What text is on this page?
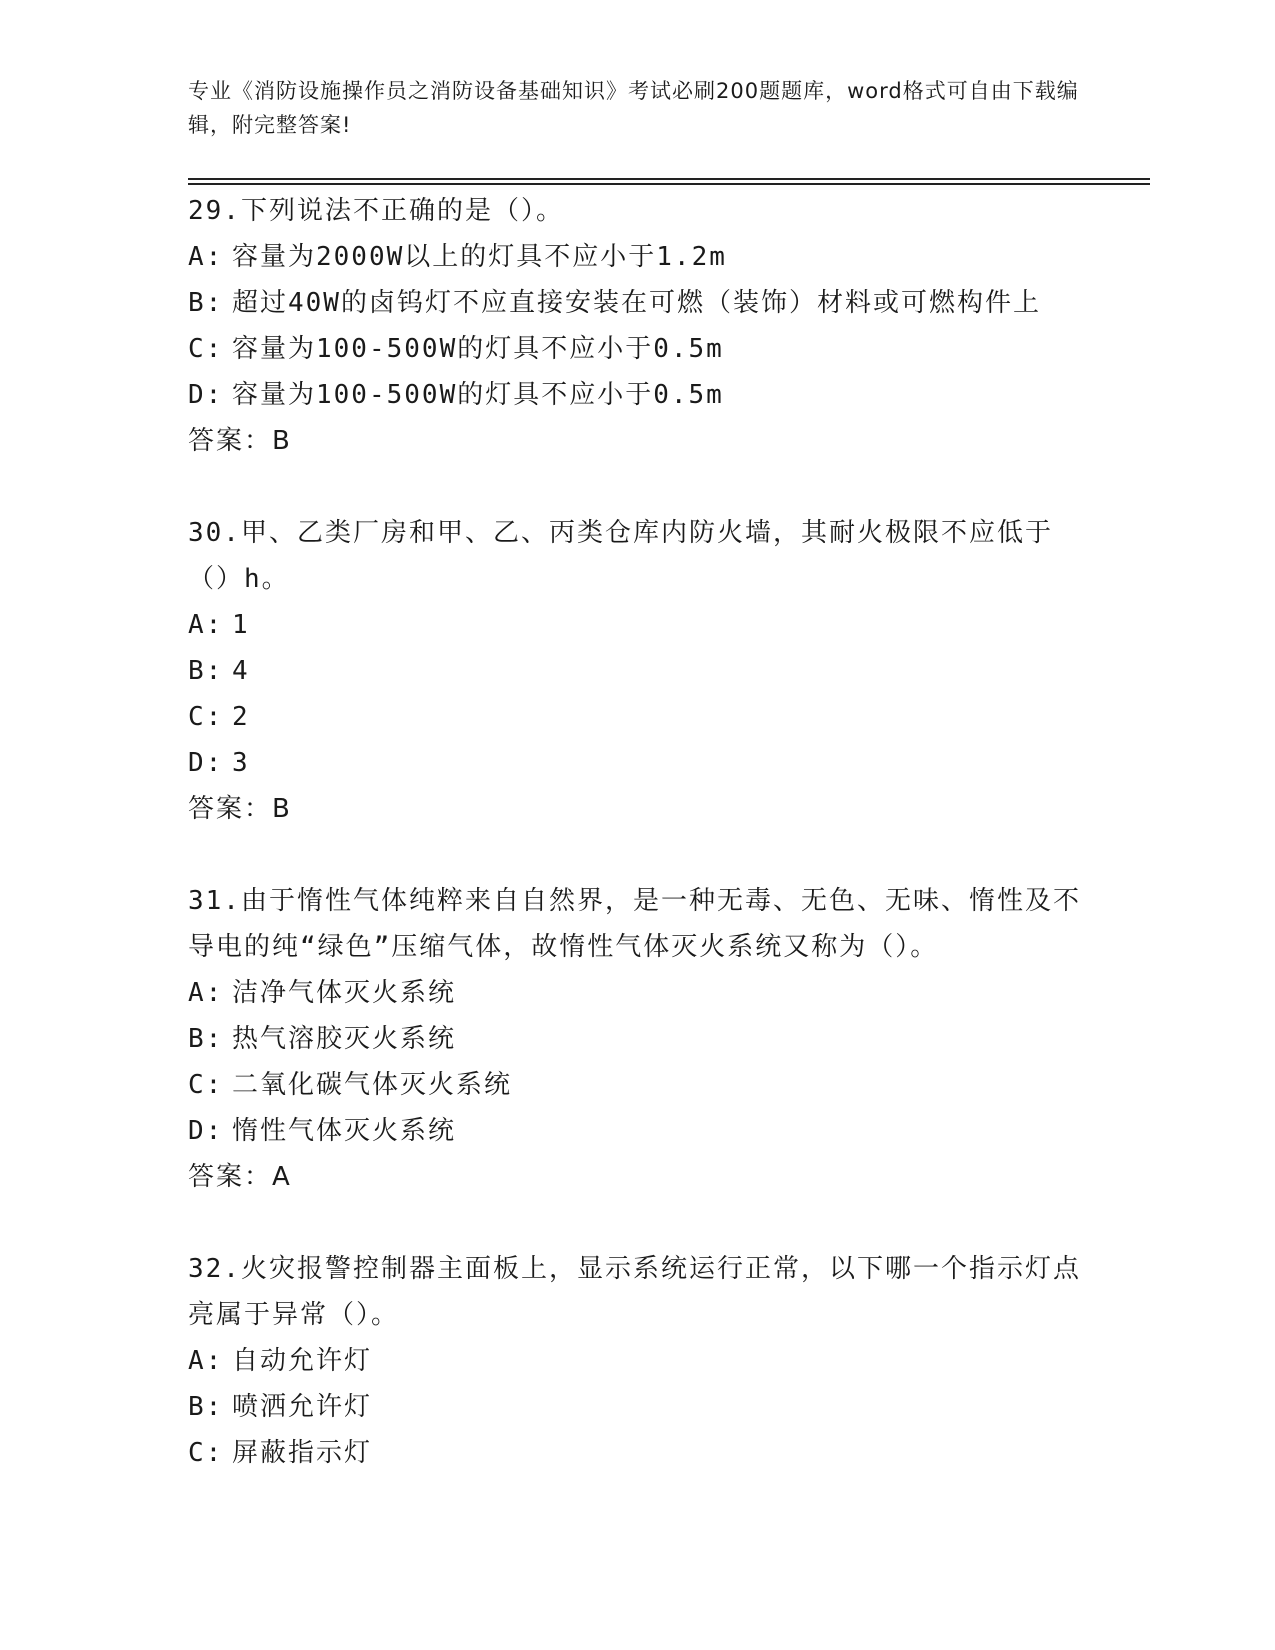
专业《消防设施操作员之消防设备基础知识》考试必刷200题题库，word格式可自由下载编辑，附完整答案!

29.下列说法不正确的是（）。

A: 容量为2000W以上的灯具不应小于1.2m

B: 超过40W的卤钨灯不应直接安装在可燃（装饰）材料或可燃构件上

C: 容量为100-500W的灯具不应小于0.5m

D: 容量为100-500W的灯具不应小于0.5m

答案：B

30.甲、乙类厂房和甲、乙、丙类仓库内防火墙，其耐火极限不应低于（）h。

A: 1

B: 4

C: 2

D: 3

答案：B

31.由于惰性气体纯粹来自自然界，是一种无毒、无色、无味、惰性及不导电的纯“绿色”压缩气体，故惰性气体灭火系统又称为（）。

A: 洁净气体灭火系统

B: 热气溶胶灭火系统

C: 二氧化碳气体灭火系统

D: 惰性气体灭火系统

答案：A

32.火灾报警控制器主面板上，显示系统运行正常，以下哪一个指示灯点亮属于异常（）。

A: 自动允许灯

B: 喷洒允许灯

C: 屏蔽指示灯
